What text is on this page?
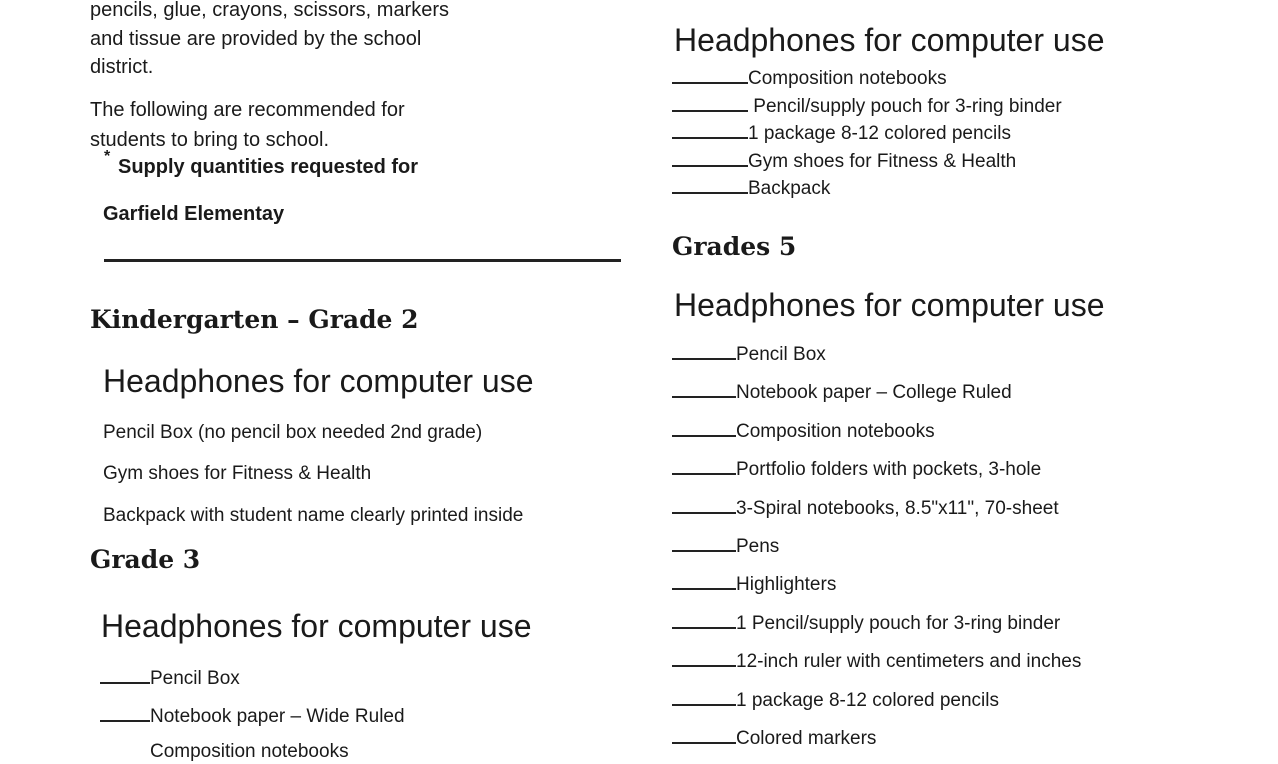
pencils, glue, crayons, scissors, markers
and tissue are provided by the school
district.
The following are recommended for
students to bring to school.
* Supply quantities requested for
Garfield Elementay
Kindergarten – Grade 2
Headphones for computer use
Pencil Box (no pencil box needed 2nd grade)
Gym shoes for Fitness & Health
Backpack with student name clearly printed inside
Grade 3
Headphones for computer use
Pencil Box
Notebook paper – Wide Ruled
Composition notebooks
Headphones for computer use
Composition notebooks
Pencil/supply pouch for 3-ring binder
1 package 8-12 colored pencils
Gym shoes for Fitness & Health
Backpack
Grades 5
Headphones for computer use
Pencil Box
Notebook paper – College Ruled
Composition notebooks
Portfolio folders with pockets, 3-hole
3-Spiral notebooks, 8.5"x11", 70-sheet
Pens
Highlighters
1 Pencil/supply pouch for 3-ring binder
12-inch ruler with centimeters and inches
1 package 8-12 colored pencils
Colored markers
